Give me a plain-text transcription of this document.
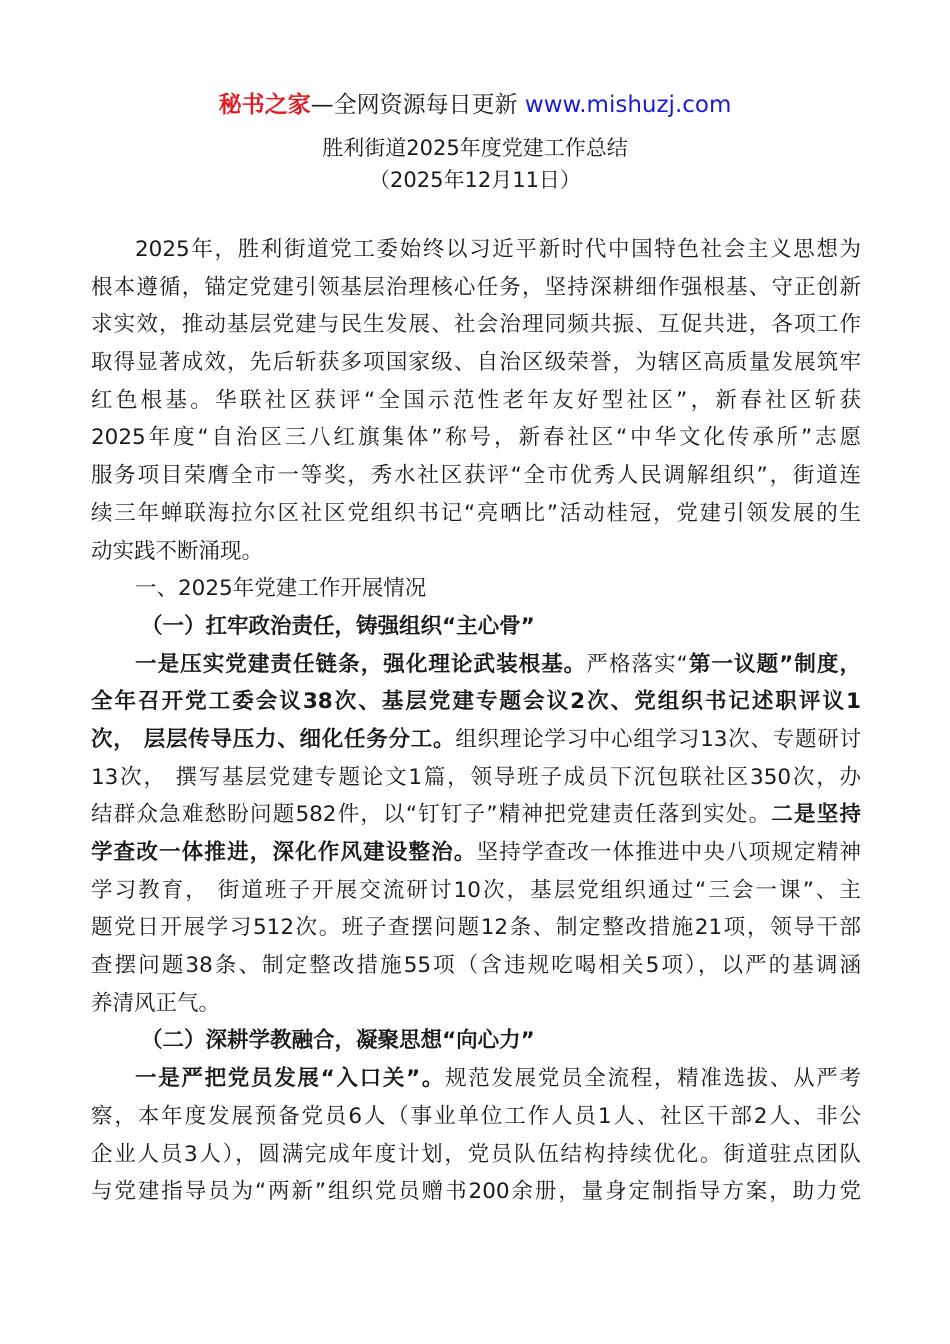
秘书之家—全网资源每日更新 www.mishuzj.com
胜利街道2025年度党建工作总结
（2025年12月11日）
2025年，胜利街道党工委始终以习近平新时代中国特色社会主义思想为
根本遵循，锚定党建引领基层治理核心任务，坚持深耕细作强根基、守正创新
求实效，推动基层党建与民生发展、社会治理同频共振、互促共进，各项工作
取得显著成效，先后斩获多项国家级、自治区级荣誉，为辖区高质量发展筑牢
红色根基。华联社区获评“全国示范性老年友好型社区”，新春社区斩获
2025年度“自治区三八红旗集体”称号，新春社区“中华文化传承所”志愿
服务项目荣膺全市一等奖，秀水社区获评“全市优秀人民调解组织”，街道连
续三年蝉联海拉尔区社区党组织书记“亮晒比”活动桂冠，党建引领发展的生
动实践不断涌现。
一、2025年党建工作开展情况
（一）扛牢政治责任，铸强组织“主心骨”
一是压实党建责任链条，强化理论武装根基。严格落实“第一议题”制度，
全年召开党工委会议38次、基层党建专题会议2次、党组织书记述职评议1
次， 层层传导压力、细化任务分工。组织理论学习中心组学习13次、专题研讨
13次， 撰写基层党建专题论文1篇，领导班子成员下沉包联社区350次，办
结群众急难愁盼问题582件，以“钉钉子”精神把党建责任落到实处。二是坚持
学查改一体推进，深化作风建设整治。坚持学查改一体推进中央八项规定精神
学习教育， 街道班子开展交流研讨10次，基层党组织通过“三会一课”、主
题党日开展学习512次。班子查摆问题12条、制定整改措施21项，领导干部
查摆问题38条、制定整改措施55项（含违规吃喝相关5项），以严的基调涵
养清风正气。
（二）深耕学教融合，凝聚思想“向心力”
一是严把党员发展“入口关”。规范发展党员全流程，精准选拔、从严考
察，本年度发展预备党员6人（事业单位工作人员1人、社区干部2人、非公
企业人员3人），圆满完成年度计划，党员队伍结构持续优化。街道驻点团队
与党建指导员为“两新”组织党员赠书200余册，量身定制指导方案，助力党
